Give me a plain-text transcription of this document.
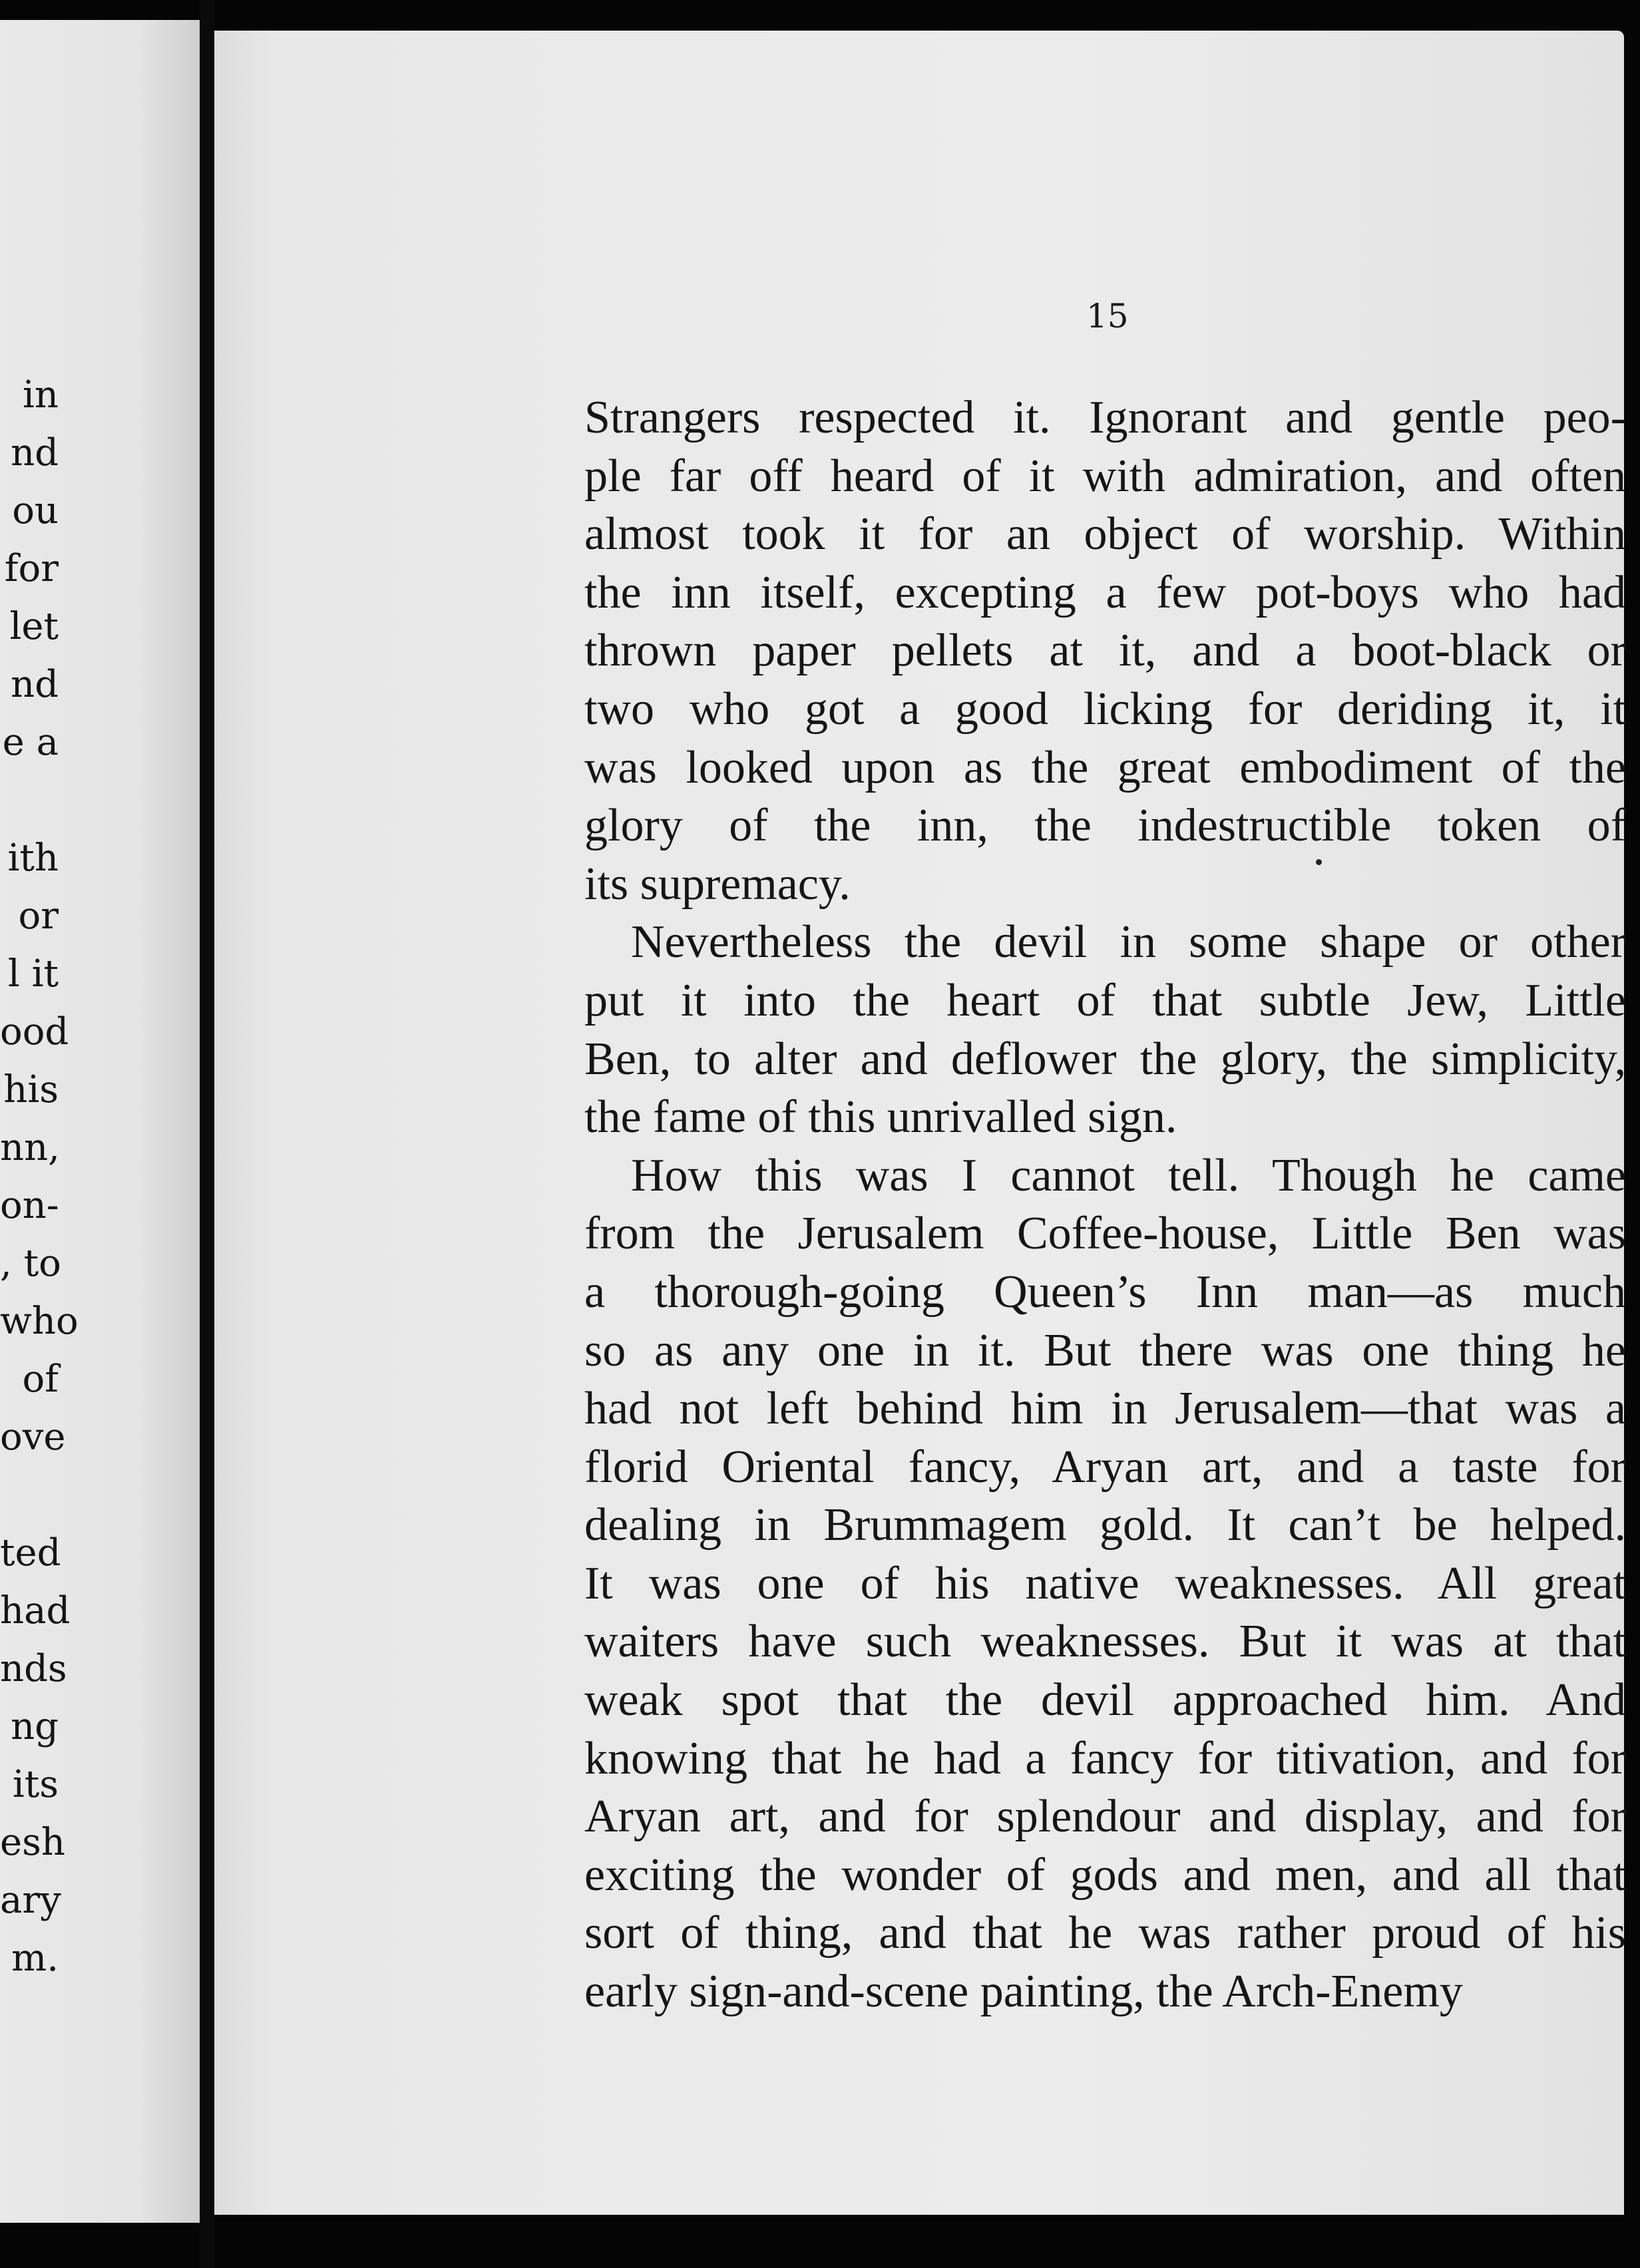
in
nd
ou
for
let
nd
e a
ith
or
l it
ood
his
nn,
on-
, to
who
of
ove
ted
had
nds
ng
its
esh
ary
m.
15
Strangers respected it. Ignorant and gentle peo-
ple far off heard of it with admiration, and often
almost took it for an object of worship. Within
the inn itself, excepting a few pot-boys who had
thrown paper pellets at it, and a boot-black or
two who got a good licking for deriding it, it
was looked upon as the great embodiment of the
glory of the inn, the indestructible token of
its supremacy.
Nevertheless the devil in some shape or other
put it into the heart of that subtle Jew, Little
Ben, to alter and deflower the glory, the simplicity,
the fame of this unrivalled sign.
How this was I cannot tell. Though he came
from the Jerusalem Coffee-house, Little Ben was
a thorough-going Queen’s Inn man—as much
so as any one in it. But there was one thing he
had not left behind him in Jerusalem—that was a
florid Oriental fancy, Aryan art, and a taste for
dealing in Brummagem gold. It can’t be helped.
It was one of his native weaknesses. All great
waiters have such weaknesses. But it was at that
weak spot that the devil approached him. And
knowing that he had a fancy for titivation, and for
Aryan art, and for splendour and display, and for
exciting the wonder of gods and men, and all that
sort of thing, and that he was rather proud of his
early sign-and-scene painting, the Arch-Enemy
